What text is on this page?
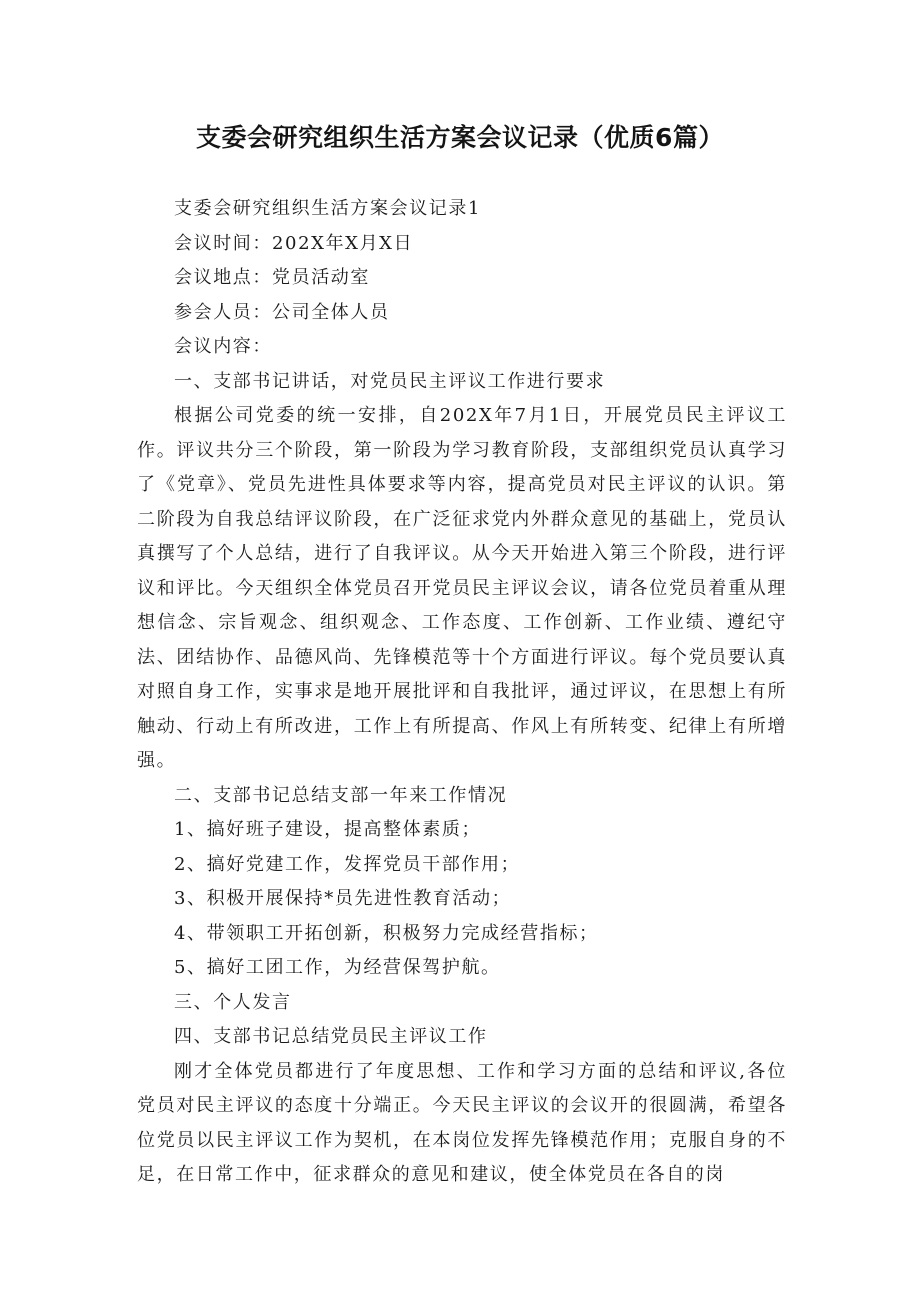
支委会研究组织生活方案会议记录（优质6篇）

支委会研究组织生活方案会议记录1

会议时间：202X年X月X日

会议地点：党员活动室

参会人员：公司全体人员

会议内容：

一、支部书记讲话，对党员民主评议工作进行要求

根据公司党委的统一安排，自202X年7月1日，开展党员民主评议工作。评议共分三个阶段，第一阶段为学习教育阶段，支部组织党员认真学习了《党章》、党员先进性具体要求等内容，提高党员对民主评议的认识。第二阶段为自我总结评议阶段，在广泛征求党内外群众意见的基础上，党员认真撰写了个人总结，进行了自我评议。从今天开始进入第三个阶段，进行评议和评比。今天组织全体党员召开党员民主评议会议，请各位党员着重从理想信念、宗旨观念、组织观念、工作态度、工作创新、工作业绩、遵纪守法、团结协作、品德风尚、先锋模范等十个方面进行评议。每个党员要认真对照自身工作，实事求是地开展批评和自我批评，通过评议，在思想上有所触动、行动上有所改进，工作上有所提高、作风上有所转变、纪律上有所增强。

二、支部书记总结支部一年来工作情况

1、搞好班子建设，提高整体素质；

2、搞好党建工作，发挥党员干部作用；

3、积极开展保持*员先进性教育活动；

4、带领职工开拓创新，积极努力完成经营指标；

5、搞好工团工作，为经营保驾护航。

三、个人发言

四、支部书记总结党员民主评议工作

刚才全体党员都进行了年度思想、工作和学习方面的总结和评议,各位党员对民主评议的态度十分端正。今天民主评议的会议开的很圆满，希望各位党员以民主评议工作为契机，在本岗位发挥先锋模范作用；克服自身的不足，在日常工作中，征求群众的意见和建议，使全体党员在各自的岗
